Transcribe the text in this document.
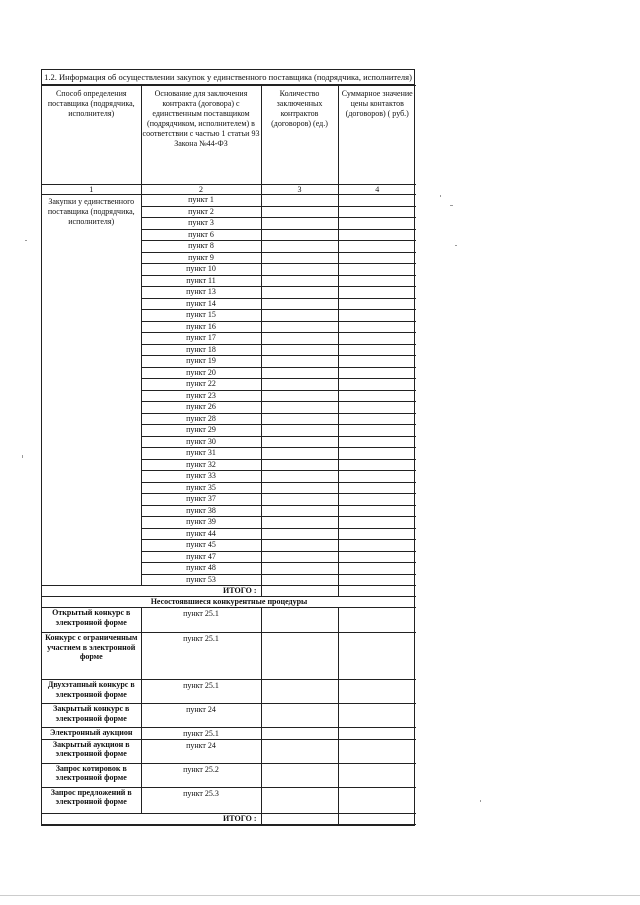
1.2. Информация об осуществлении закупок у единственного поставщика (подрядчика, исполнителя)
Способ определения поставщика (подрядчика, исполнителя)	Основание для заключения контракта (договора) с единственным поставщиком (подрядчиком, исполнителем) в соответствии с частью 1 статьи 93 Закона №44-ФЗ	Количество заключенных контрактов (договоров) (ед.)	Суммарное значение цены контактов (договоров) ( руб.)
1	2	3	4
Закупки у единственного поставщика (подрядчика, исполнителя)	пункт 1		
	пункт 2		
	пункт 3		
	пункт 6		
	пункт 8		
	пункт 9		
	пункт 10		
	пункт 11		
	пункт 13		
	пункт 14		
	пункт 15		
	пункт 16		
	пункт 17		
	пункт 18		
	пункт 19		
	пункт 20		
	пункт 22		
	пункт 23		
	пункт 26		
	пункт 28		
	пункт 29		
	пункт 30		
	пункт 31		
	пункт 32		
	пункт 33		
	пункт 35		
	пункт 37		
	пункт 38		
	пункт 39		
	пункт 44		
	пункт 45		
	пункт 47		
	пункт 48		
	пункт 53		
ИТОГО :			
Несостоявшиеся конкурентные процедуры			
Открытый конкурс в электронной форме	пункт 25.1		
Конкурс с ограниченным участием в электронной форме	пункт 25.1		
Двухэтапный конкурс в электронной форме	пункт 25.1		
Закрытый конкурс в электронной форме	пункт 24		
Электронный аукцион	пункт 25.1		
Закрытый аукцион в электронной форме	пункт 24		
Запрос котировок в электронной форме	пункт 25.2		
Запрос предложений в электронной форме	пункт 25.3		
ИТОГО :			
